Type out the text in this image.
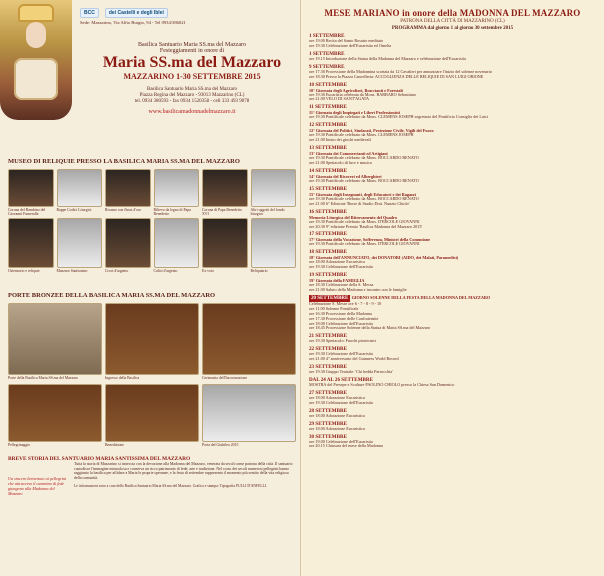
BCC	dei Castelli e degli Iblei
Sede: Mazzarino, Via Alfio Burgio, 94 - Tel 0934/386021
Basilica Santuario Maria SS.ma del Mazzaro
Festeggiamenti in onore di
Maria SS.ma del Mazzaro
MAZZARINO 1-30 SETTEMBRE 2015
Basilica Santuario Maria SS.ma del Mazzaro
Piazza Regina del Mazzaro - 93013 Mazzarino (CL)
tel. 0934 380593 - fax 0934 1520358 - cell 333 493 9078
www.basilicamadonnadelmazzaro.it
MUSEO DI RELIQUIE PRESSO LA BASILICA MARIA SS.MA DEL MAZZARO
Corona del Bambino del Giovanni Fumeralla
Rappe Codici Liturgici	Ricamo con flussi d'oro	Rilievo da legno di Papa Benedetto
Corona di Papa Benedetto XVI
Altri oggetti del fondo liturgico
Ostensorio e reliquie	Mazzaro Santissimo	Croci d'argento	Calici d'argento	Ex voto	Reliquiario
PORTE BRONZEE DELLA BASILICA MARIA SS.MA DEL MAZZARO
Porte della Basilica Maria SS.ma del Mazzaro	Ingresso della Basilica	Cerimonia dell'Incoronazione
Pellegrinaggio	Benedizione	Porta del Giubileo 2015
BREVE STORIA DEL SANTUARIO MARIA SANTISSIMA DEL MAZZARO
Tutta la storia di Mazzarino si intreccia con la devozione alla Madonna del Mazzaro, venerata da secoli come patrona della città. Il santuario custodisce l'immagine miracolosa e conserva un ricco patrimonio di fede, arte e tradizione. Nel corso dei secoli numerosi pellegrini hanno raggiunto la basilica per affidare a Maria le proprie speranze, e la festa di settembre rappresenta il momento più sentito della vita religiosa della comunità.
Un sincero benvenuto ai pellegrini che attraverso il cammino di fede giungono alla Madonna del Mazzaro
Le informazioni sono a cura della Basilica Santuario Maria SS.ma del Mazzaro. Grafica e stampa: Tipografia FULLI D'ANFELLI.
MESE MARIANO in onore della MADONNA DEL MAZZARO
PATRONA DELLA CITTÀ DI MAZZARINO (CL)
PROGRAMMA dal giorno 1 al giorno 30 settembre 2015
1 SETTEMBRE
ore 19.00 Recita del Santo Rosario meditato
ore 19.30 Celebrazione dell'Eucaristia ed Omelia
1 SETTEMBRE
ore 19.15 Introduzione della Statua della Madonna del Mazzaro e celebrazione dell'Eucaristia
9 SETTEMBRE
ore 17.30 Processione della Madonnina scortata da 12 Cavalieri per annunciare l'inizio del solenne novenario
ore 18.30 Presso la Piazza Cancelleria: ACCOGLIENZA DELLE RELIQUIE DI SAN LUIGI ORIONE
10 SETTEMBRE
10° Giornata degli Agricoltori, Braccianti e Forestali
ore 19.30 Eucaristia celebrata da Mons. BARBARO Sebastiano
ore 21.00 VELO DI SANT'AGATA
11 SETTEMBRE
11° Giornata degli Impiegati e Liberi Professionisti
ore 19.30 Pontificale celebrato da Mons. CLEMENS JOSEPH segretario del Pontificio Consiglio dei Laici
12 SETTEMBRE
12° Giornata del Politici, Sindacati, Protezione Civile, Vigili del Fuoco
ore 19.30 Pontificale celebrato da Mons. CLEMENS JOSEPH
ore 21.00 Inizio dei giochi medievali
13 SETTEMBRE
13° Giornata dei Commercianti ed Artigiani
ore 19.30 Pontificale celebrato da Mons. BOCCARDO RENATO
ore 21.00 Spettacolo di luce e musica
14 SETTEMBRE
14° Giornata del Ricoveri ed Alberghieri
ore 19.30 Pontificale celebrato da Mons. BOCCARDO RENATO
15 SETTEMBRE
15° Giornata degli Insegnanti, degli Educatori e dei Ragazzi
ore 19.30 Pontificale celebrato da Mons. BOCCARDO RENATO
ore 21.00 6° Edizione 'Borse di Studio Dott. Nunzio Chiolo'
16 SETTEMBRE
Memoria Liturgica del Ritrovamento del Quadro
ore 19.30 Pontificale celebrato da Mons. D'ERCOLE GIOVANNI
ore 20.30 9° edizione Premio 'Basilica Madonna del Mazzaro 2015'
17 SETTEMBRE
17° Giornata della Vocazione, Sofferenza, Ministri della Comunione
ore 19.30 Pontificale celebrato da Mons. D'ERCOLE GIOVANNI
18 SETTEMBRE
18° Giornata dell'ANNUNCIATO, dei DONATORI (AIDO, dei Malati, Paramedici)
ore 18.00 Adorazione Eucaristica
ore 19.30 Celebrazione dell'Eucaristia
19 SETTEMBRE
19° Giornata della FAMIGLIA
ore 18.30 Celebrazione della S. Messa
ore 21.00 Saluto della Madonna e incontro con le famiglie
20 SETTEMBRE GIORNO SOLENNE DELLA FESTA DELLA MADONNA DEL MAZZARO
Celebrazione S. Messe ore 6 - 7 - 8 - 9 - 10
ore 11.00 Solenne Pontificale
ore 16.30 Processione della Madonna
ore 17.30 Processione delle Confraternite
ore 18.00 Celebrazione dell'Eucaristia
ore 18.45 Processione Solenne della Statua di Maria SS.ma del Mazzaro
21 SETTEMBRE
ore 19.30 Spettacolo: Fuochi pirotecnici
22 SETTEMBRE
ore 19.30 Celebrazione dell'Eucaristia
ore 21.00 4° anniversario del Guinness World Record
23 SETTEMBRE
ore 19.30 Gruppo Teatrale: 'Chi bedda Parrocchia'
DAL 24 AL 26 SETTEMBRE
MOSTRA del Presepe e Sculture PAOLINO CHIOLO presso la Chiesa San Domenico
27 SETTEMBRE
ore 18.00 Adorazione Eucaristica
ore 19.30 Celebrazione dell'Eucaristia
28 SETTEMBRE
ore 18.00 Adorazione Eucaristica
29 SETTEMBRE
ore 18.00 Adorazione Eucaristica
30 SETTEMBRE
ore 19.00 Celebrazione dell'Eucaristia
ore 20.15 Chiusura del mese della Madonna
